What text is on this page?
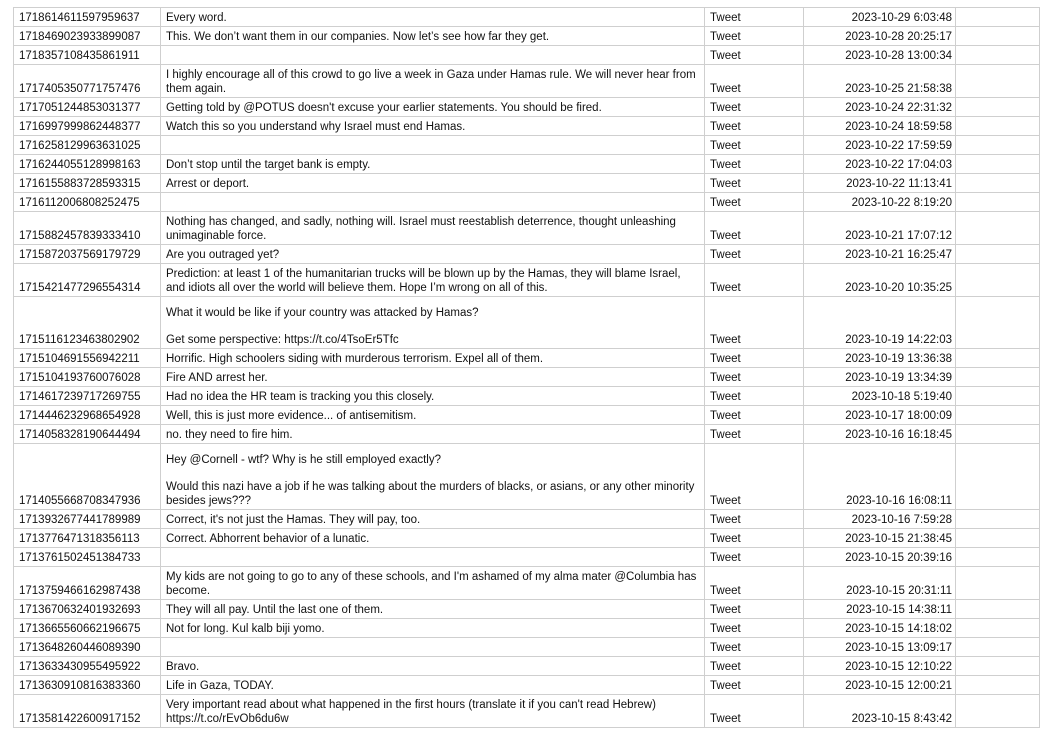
1718614611597959637	Every word.	Tweet	2023-10-29 6:03:48	
1718469023933899087	This. We don’t want them in our companies. Now let’s see how far they get.	Tweet	2023-10-28 20:25:17	
1718357108435861911		Tweet	2023-10-28 13:00:34	
1717405350771757476	I highly encourage all of this crowd to go live a week in Gaza under Hamas rule. We will never hear from them again.	Tweet	2023-10-25 21:58:38	
1717051244853031377	Getting told by @POTUS doesn't excuse your earlier statements. You should be fired.	Tweet	2023-10-24 22:31:32	
1716997999862448377	Watch this so you understand why Israel must end Hamas.	Tweet	2023-10-24 18:59:58	
1716258129963631025		Tweet	2023-10-22 17:59:59	
1716244055128998163	Don’t stop until the target bank is empty.	Tweet	2023-10-22 17:04:03	
1716155883728593315	Arrest or deport.	Tweet	2023-10-22 11:13:41	
1716112006808252475		Tweet	2023-10-22 8:19:20	
1715882457839333410	Nothing has changed, and sadly, nothing will. Israel must reestablish deterrence, thought unleashing unimaginable force.	Tweet	2023-10-21 17:07:12	
1715872037569179729	Are you outraged yet?	Tweet	2023-10-21 16:25:47	
1715421477296554314	Prediction: at least 1 of the humanitarian trucks will be blown up by the Hamas, they will blame Israel, and idiots all over the world will believe them. Hope I’m wrong on all of this.	Tweet	2023-10-20 10:35:25	
1715116123463802902	What it would be like if your country was attacked by Hamas?

Get some perspective: https://t.co/4TsoEr5Tfc	Tweet	2023-10-19 14:22:03	
1715104691556942211	Horrific. High schoolers siding with murderous terrorism. Expel all of them.	Tweet	2023-10-19 13:36:38	
1715104193760076028	Fire AND arrest her.	Tweet	2023-10-19 13:34:39	
1714617239717269755	Had no idea the HR team is tracking you this closely.	Tweet	2023-10-18 5:19:40	
1714446232968654928	Well, this is just more evidence... of antisemitism.	Tweet	2023-10-17 18:00:09	
1714058328190644494	no. they need to fire him.	Tweet	2023-10-16 16:18:45	
1714055668708347936	Hey @Cornell - wtf? Why is he still employed exactly?

Would this nazi have a job if he was talking about the murders of blacks, or asians, or any other minority besides jews???	Tweet	2023-10-16 16:08:11	
1713932677441789989	Correct, it's not just the Hamas. They will pay, too.	Tweet	2023-10-16 7:59:28	
1713776471318356113	Correct. Abhorrent behavior of a lunatic.	Tweet	2023-10-15 21:38:45	
1713761502451384733		Tweet	2023-10-15 20:39:16	
1713759466162987438	My kids are not going to go to any of these schools, and I'm ashamed of my alma mater @Columbia has become.	Tweet	2023-10-15 20:31:11	
1713670632401932693	They will all pay. Until the last one of them.	Tweet	2023-10-15 14:38:11	
1713665560662196675	Not for long. Kul kalb biji yomo.	Tweet	2023-10-15 14:18:02	
1713648260446089390		Tweet	2023-10-15 13:09:17	
1713633430955495922	Bravo.	Tweet	2023-10-15 12:10:22	
1713630910816383360	Life in Gaza, TODAY.	Tweet	2023-10-15 12:00:21	
1713581422600917152	Very important read about what happened in the first hours (translate it if you can't read Hebrew) https://t.co/rEvOb6du6w	Tweet	2023-10-15 8:43:42	
